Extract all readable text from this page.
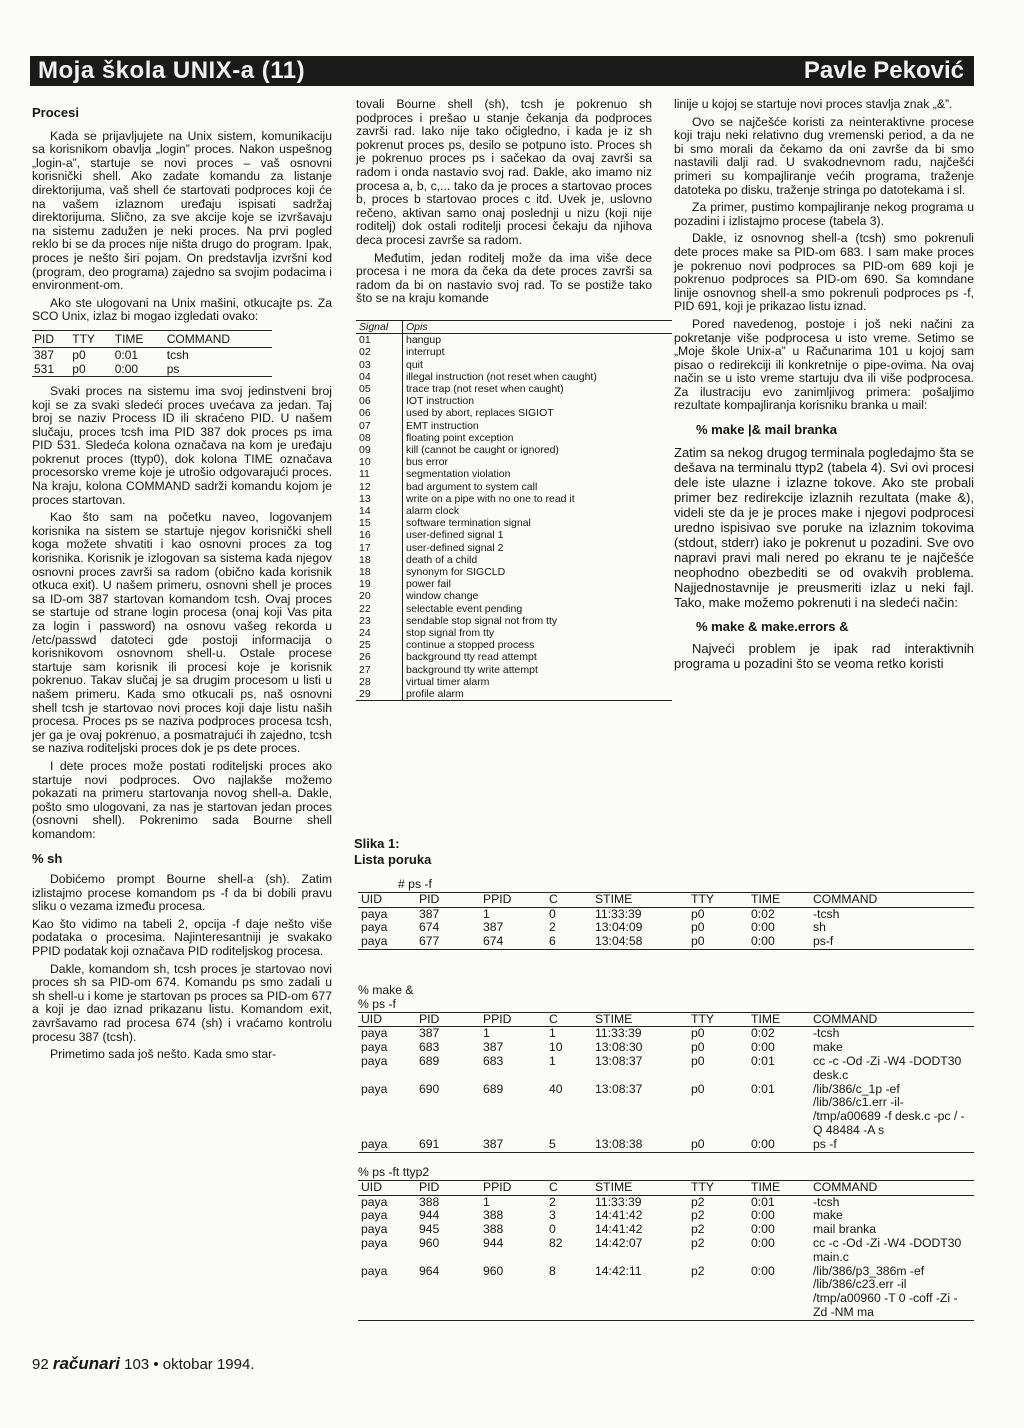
Moja škola UNIX-a (11)	Pavle Peković
Procesi

Kada se prijavljujete na Unix sistem, komunikaciju sa korisnikom obavlja „login” proces. Nakon uspešnog „login-a”, startuje se novi proces – vaš osnovni korisnički shell. Ako zadate komandu za listanje direktorijuma, vaš shell će startovati podproces koji će na vašem izlaznom uređaju ispisati sadržaj direktorijuma. Slično, za sve akcije koje se izvršavaju na sistemu zadužen je neki proces. Na prvi pogled reklo bi se da proces nije ništa drugo do program. Ipak, proces je nešto širi pojam. On predstavlja izvršni kod (program, deo programa) zajedno sa svojim podacima i environment-om.

Ako ste ulogovani na Unix mašini, otkucajte ps. Za SCO Unix, izlaz bi mogao izgledati ovako:

PID	TTY	TIME	COMMAND
387	p0	0:01	tcsh
531	p0	0:00	ps

Svaki proces na sistemu ima svoj jedinstveni broj koji se za svaki sledeći proces uvećava za jedan. Taj broj se naziv Process ID ili skraćeno PID. U našem slučaju, proces tcsh ima PID 387 dok proces ps ima PID 531. Sledeća kolona označava na kom je uređaju pokrenut proces (ttyp0), dok kolona TIME označava procesorsko vreme koje je utrošio odgovarajući proces. Na kraju, kolona COMMAND sadrži komandu kojom je proces startovan.

Kao što sam na početku naveo, logovanjem korisnika na sistem se startuje njegov korisnički shell koga možete shvatiti i kao osnovni proces za tog korisnika. Korisnik je izlogovan sa sistema kada njegov osnovni proces završi sa radom (obično kada korisnik otkuca exit). U našem primeru, osnovni shell je proces sa ID-om 387 startovan komandom tcsh. Ovaj proces se startuje od strane login procesa (onaj koji Vas pita za login i password) na osnovu vašeg rekorda u /etc/passwd datoteci gde postoji informacija o korisnikovom osnovnom shell-u. Ostale procese startuje sam korisnik ili procesi koje je korisnik pokrenuo. Takav slučaj je sa drugim procesom u listi u našem primeru. Kada smo otkucali ps, naš osnovni shell tcsh je startovao novi proces koji daje listu naših procesa. Proces ps se naziva podproces procesa tcsh, jer ga je ovaj pokrenuo, a posmatrajući ih zajedno, tcsh se naziva roditeljski proces dok je ps dete proces.

I dete proces može postati roditeljski proces ako startuje novi podproces. Ovo najlakše možemo pokazati na primeru startovanja novog shell-a. Dakle, pošto smo ulogovani, za nas je startovan jedan proces (osnovni shell). Pokrenimo sada Bourne shell komandom:

% sh

Dobićemo prompt Bourne shell-a (sh). Zatim izlistajmo procese komandom ps -f da bi dobili pravu sliku o vezama između procesa.

Kao što vidimo na tabeli 2, opcija -f daje nešto više podataka o procesima. Najinteresantniji je svakako PPID podatak koji označava PID roditeljskog procesa.

Dakle, komandom sh, tcsh proces je startovao novi proces sh sa PID-om 674. Komandu ps smo zadali u sh shell-u i kome je startovan ps proces sa PID-om 677 a koji je dao iznad prikazanu listu. Komandom exit, završavamo rad procesa 674 (sh) i vraćamo kontrolu procesu 387 (tcsh).

Primetimo sada još nešto. Kada smo star-

tovali Bourne shell (sh), tcsh je pokrenuo sh podproces i prešao u stanje čekanja da podproces završi rad. Iako nije tako očigledno, i kada je iz sh pokrenut proces ps, desilo se potpuno isto. Proces sh je pokrenuo proces ps i sačekao da ovaj završi sa radom i onda nastavio svoj rad. Dakle, ako imamo niz procesa a, b, c,... tako da je proces a startovao proces b, proces b startovao proces c itd. Uvek je, uslovno rečeno, aktivan samo onaj poslednji u nizu (koji nije roditelj) dok ostali roditelji procesi čekaju da njihova deca procesi završe sa radom.

Međutim, jedan roditelj može da ima više dece procesa i ne mora da čeka da dete proces završi sa radom da bi on nastavio svoj rad. To se postiže tako što se na kraju komande

Signal	Opis
01	hangup
02	interrupt
03	quit
04	illegal instruction (not reset when caught)
05	trace trap (not reset when caught)
06	IOT instruction
06	used by abort, replaces SIGIOT
07	EMT instruction
08	floating point exception
09	kill (cannot be caught or ignored)
10	bus error
11	segmentation violation
12	bad argument to system call
13	write on a pipe with no one to read it
14	alarm clock
15	software termination signal
16	user-defined signal 1
17	user-defined signal 2
18	death of a child
18	synonym for SIGCLD
19	power fail
20	window change
22	selectable event pending
23	sendable stop signal not from tty
24	stop signal from tty
25	continue a stopped process
26	background tty read attempt
27	background tty write attempt
28	virtual timer alarm
29	profile alarm
Slika 1:
Lista poruka

linije u kojoj se startuje novi proces stavlja znak „&”.

Ovo se najčešće koristi za neinteraktivne procese koji traju neki relativno dug vremenski period, a da ne bi smo morali da čekamo da oni završe da bi smo nastavili dalji rad. U svakodnevnom radu, najčešći primeri su kompajliranje većih programa, traženje datoteka po disku, traženje stringa po datotekama i sl.

Za primer, pustimo kompajliranje nekog programa u pozadini i izlistajmo procese (tabela 3).

Dakle, iz osnovnog shell-a (tcsh) smo pokrenuli dete proces make sa PID-om 683. I sam make proces je pokrenuo novi podproces sa PID-om 689 koji je pokrenuo podproces sa PID-om 690. Sa komndane linije osnovnog shell-a smo pokrenuli podproces ps -f, PID 691, koji je prikazao listu iznad.

Pored navedenog, postoje i još neki načini za pokretanje više podprocesa u isto vreme. Setimo se „Moje škole Unix-a” u Računarima 101 u kojoj sam pisao o redirekciji ili konkretnije o pipe-ovima. Na ovaj način se u isto vreme startuju dva ili više podprocesa. Za ilustraciju evo zanimljivog primera: pošaljimo rezultate kompajliranja korisniku branka u mail:

% make |& mail branka

Zatim sa nekog drugog terminala pogledajmo šta se dešava na terminalu ttyp2 (tabela 4). Svi ovi procesi dele iste ulazne i izlazne tokove. Ako ste probali primer bez redirekcije izlaznih rezultata (make &), videli ste da je je proces make i njegovi podprocesi uredno ispisivao sve poruke na izlaznim tokovima (stdout, stderr) iako je pokrenut u pozadini. Sve ovo napravi pravi mali nered po ekranu te je najčešće neophodno obezbediti se od ovakvih problema. Najjednostavnije je preusmeriti izlaz u neki fajl. Tako, make možemo pokrenuti i na sledeći način:

% make & make.errors &

Najveći problem je ipak rad interaktivnih programa u pozadini što se veoma retko koristi

# ps -f
UID	PID	PPID	C	STIME	TTY	TIME	COMMAND
paya	387	1	0	11:33:39	p0	0:02	-tcsh
paya	674	387	2	13:04:09	p0	0:00	sh
paya	677	674	6	13:04:58	p0	0:00	ps-f
% make &
% ps -f
UID	PID	PPID	C	STIME	TTY	TIME	COMMAND
paya	387	1	1	11:33:39	p0	0:02	-tcsh
paya	683	387	10	13:08:30	p0	0:00	make
paya	689	683	1	13:08:37	p0	0:01	cc -c -Od -Zi -W4 -DODT30 desk.c
paya	690	689	40	13:08:37	p0	0:01	/lib/386/c_1p -ef /lib/386/c1.err -il- /tmp/a00689 -f desk.c -pc / -Q 48484 -A s
paya	691	387	5	13:08:38	p0	0:00	ps -f
% ps -ft ttyp2
UID	PID	PPID	C	STIME	TTY	TIME	COMMAND
paya	388	1	2	11:33:39	p2	0:01	-tcsh
paya	944	388	3	14:41:42	p2	0:00	make
paya	945	388	0	14:41:42	p2	0:00	mail branka
paya	960	944	82	14:42:07	p2	0:00	cc -c -Od -Zi -W4 -DODT30 main.c
paya	964	960	8	14:42:11	p2	0:00	/lib/386/p3_386m -ef /lib/386/c23.err -il /tmp/a00960 -T 0 -coff -Zi -Zd -NM ma
92 računari 103 • oktobar 1994.
